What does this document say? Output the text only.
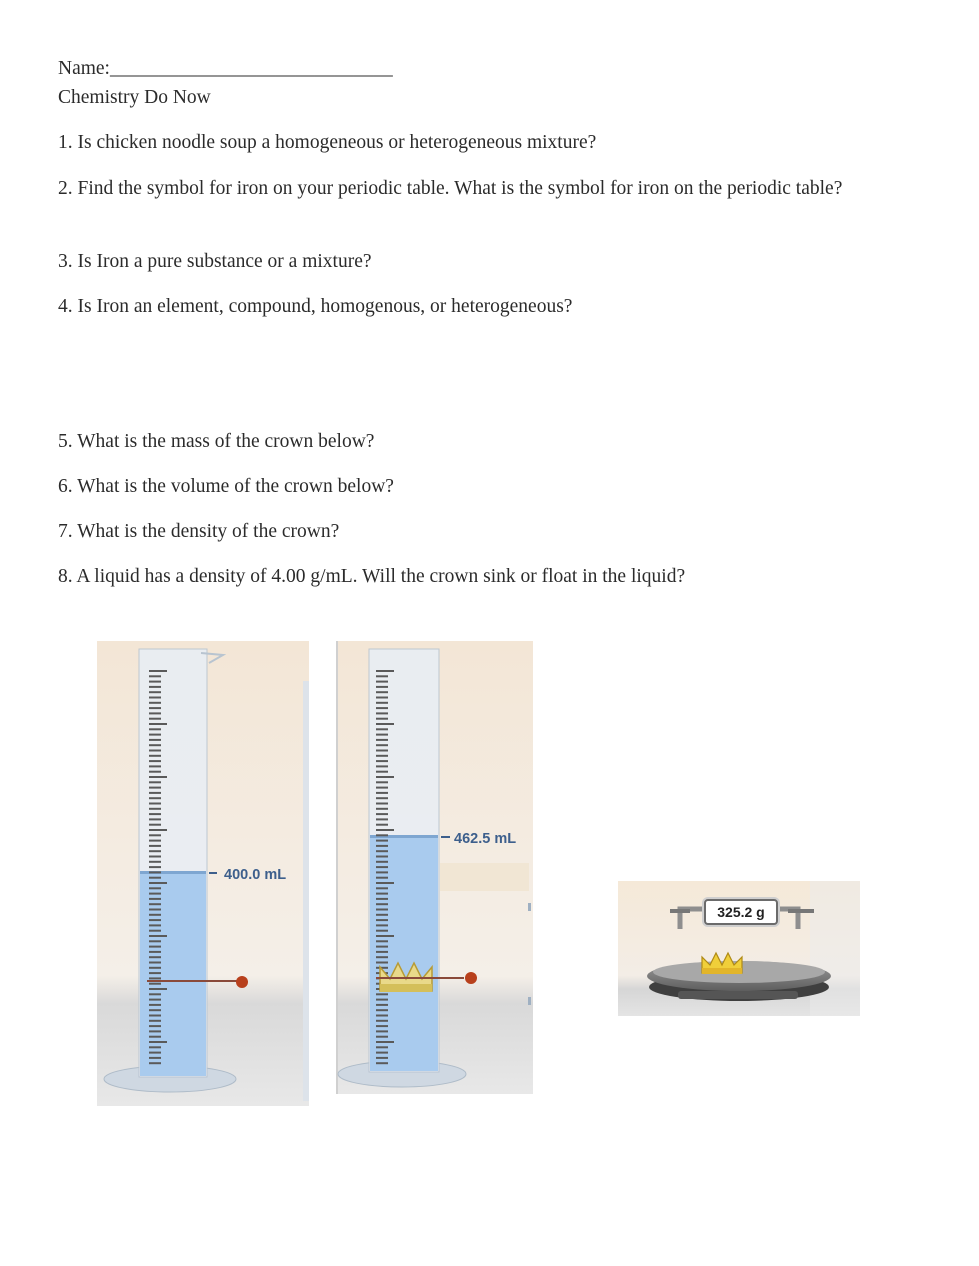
Name:_____________________________
Chemistry Do Now
1. Is chicken noodle soup a homogeneous or heterogeneous mixture?
2. Find the symbol for iron on your periodic table. What is the symbol for iron on the periodic table?
3. Is Iron a pure substance or a mixture?
4. Is Iron an element, compound, homogenous, or heterogeneous?
5. What is the mass of the crown below?
6. What is the volume of the crown below?
7. What is the density of the crown?
8. A liquid has a density of 4.00 g/mL. Will the crown sink or float in the liquid?
400.0 mL
462.5 mL
325.2 g
